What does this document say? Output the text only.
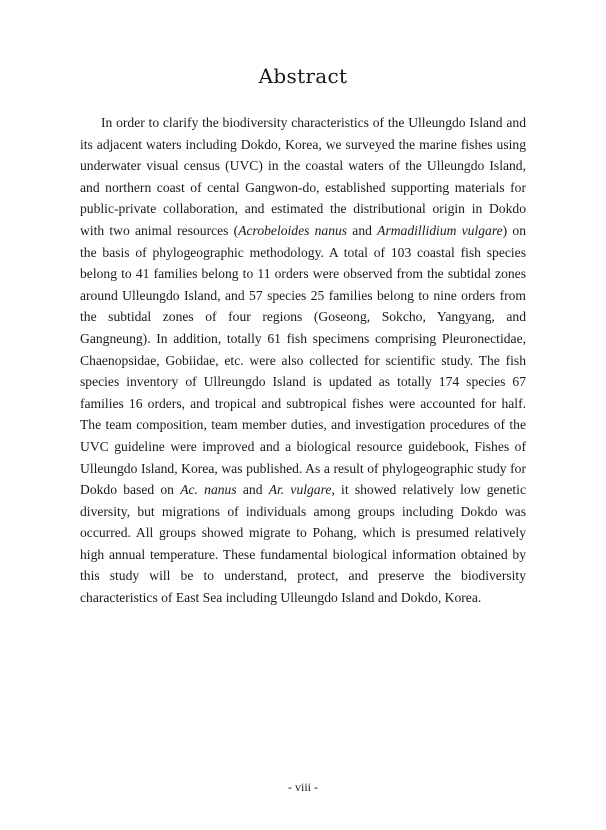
Abstract

In order to clarify the biodiversity characteristics of the Ulleungdo Island and its adjacent waters including Dokdo, Korea, we surveyed the marine fishes using underwater visual census (UVC) in the coastal waters of the Ulleungdo Island, and northern coast of cental Gangwon-do, established supporting materials for public-private collaboration, and estimated the distributional origin in Dokdo with two animal resources (Acrobeloides nanus and Armadillidium vulgare) on the basis of phylogeographic methodology. A total of 103 coastal fish species belong to 41 families belong to 11 orders were observed from the subtidal zones around Ulleungdo Island, and 57 species 25 families belong to nine orders from the subtidal zones of four regions (Goseong, Sokcho, Yangyang, and Gangneung). In addition, totally 61 fish specimens comprising Pleuronectidae, Chaenopsidae, Gobiidae, etc. were also collected for scientific study. The fish species inventory of Ullreungdo Island is updated as totally 174 species 67 families 16 orders, and tropical and subtropical fishes were accounted for half. The team composition, team member duties, and investigation procedures of the UVC guideline were improved and a biological resource guidebook, Fishes of Ulleungdo Island, Korea, was published. As a result of phylogeographic study for Dokdo based on Ac. nanus and Ar. vulgare, it showed relatively low genetic diversity, but migrations of individuals among groups including Dokdo was occurred. All groups showed migrate to Pohang, which is presumed relatively high annual temperature. These fundamental biological information obtained by this study will be to understand, protect, and preserve the biodiversity characteristics of East Sea including Ulleungdo Island and Dokdo, Korea.

- viii -
